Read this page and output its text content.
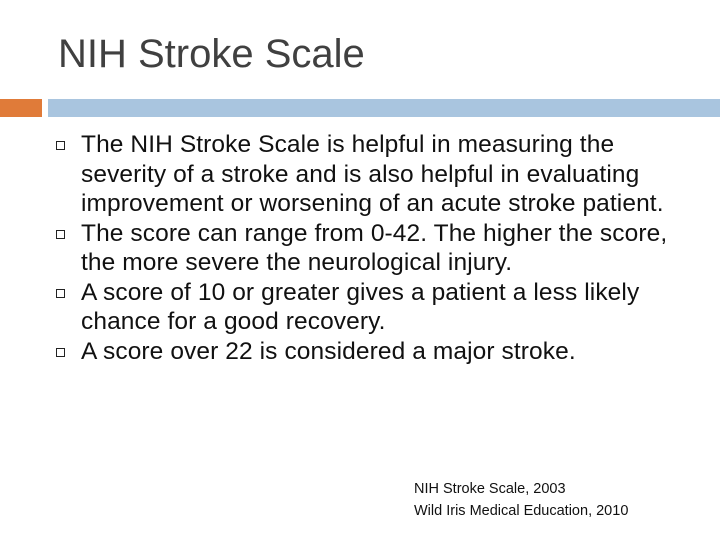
NIH Stroke Scale
The NIH Stroke Scale is helpful in measuring the severity of a stroke and is also helpful in evaluating improvement or worsening of an acute stroke patient.
The score can range from 0-42. The higher the score, the more severe the neurological injury.
A score of 10 or greater gives a patient a less likely chance for a good recovery.
A score over 22 is considered a major stroke.
NIH Stroke Scale, 2003
Wild Iris Medical Education, 2010
